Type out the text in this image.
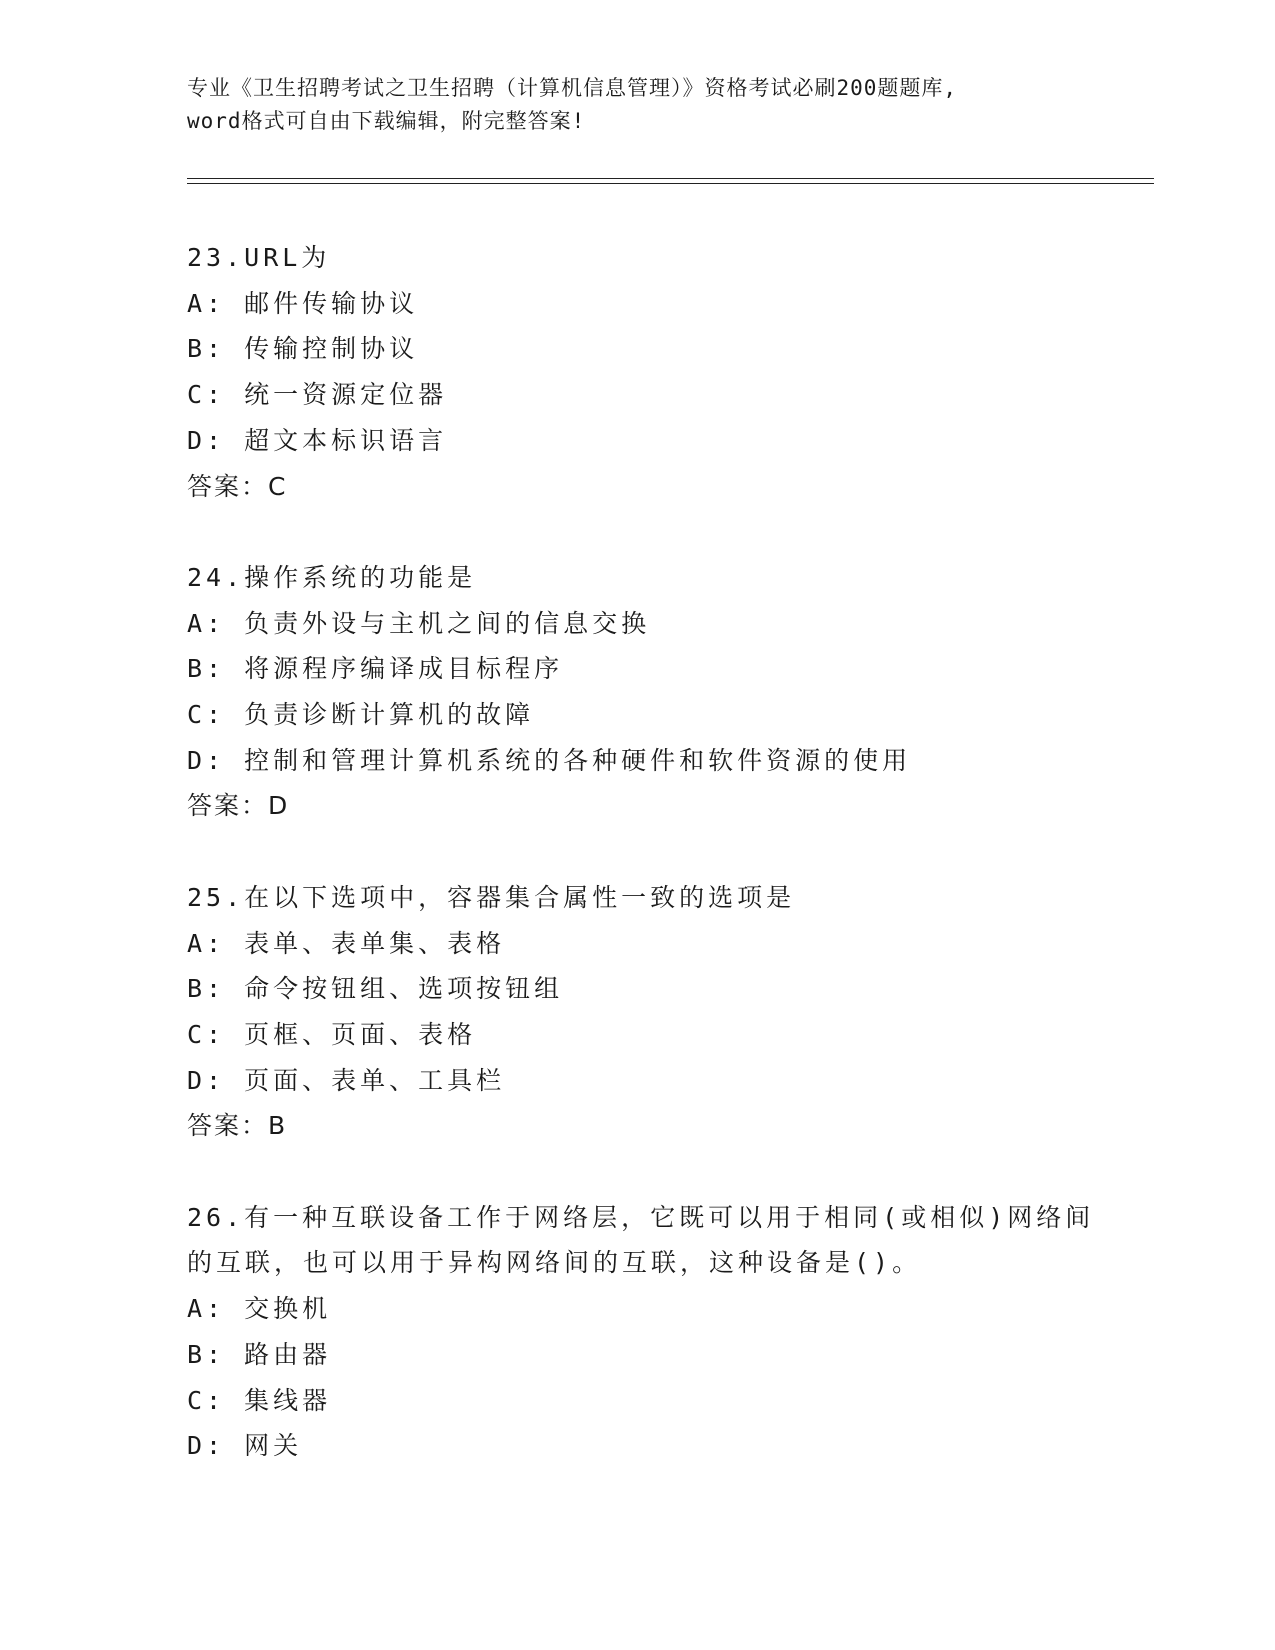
专业《卫生招聘考试之卫生招聘（计算机信息管理）》资格考试必刷200题题库,
word格式可自由下载编辑，附完整答案!
23.URL为
A: 邮件传输协议
B: 传输控制协议
C: 统一资源定位器
D: 超文本标识语言
答案：C
24.操作系统的功能是
A: 负责外设与主机之间的信息交换
B: 将源程序编译成目标程序
C: 负责诊断计算机的故障
D: 控制和管理计算机系统的各种硬件和软件资源的使用
答案：D
25.在以下选项中，容器集合属性一致的选项是
A: 表单、表单集、表格
B: 命令按钮组、选项按钮组
C: 页框、页面、表格
D: 页面、表单、工具栏
答案：B
26.有一种互联设备工作于网络层，它既可以用于相同(或相似)网络间
的互联，也可以用于异构网络间的互联，这种设备是()。
A: 交换机
B: 路由器
C: 集线器
D: 网关
